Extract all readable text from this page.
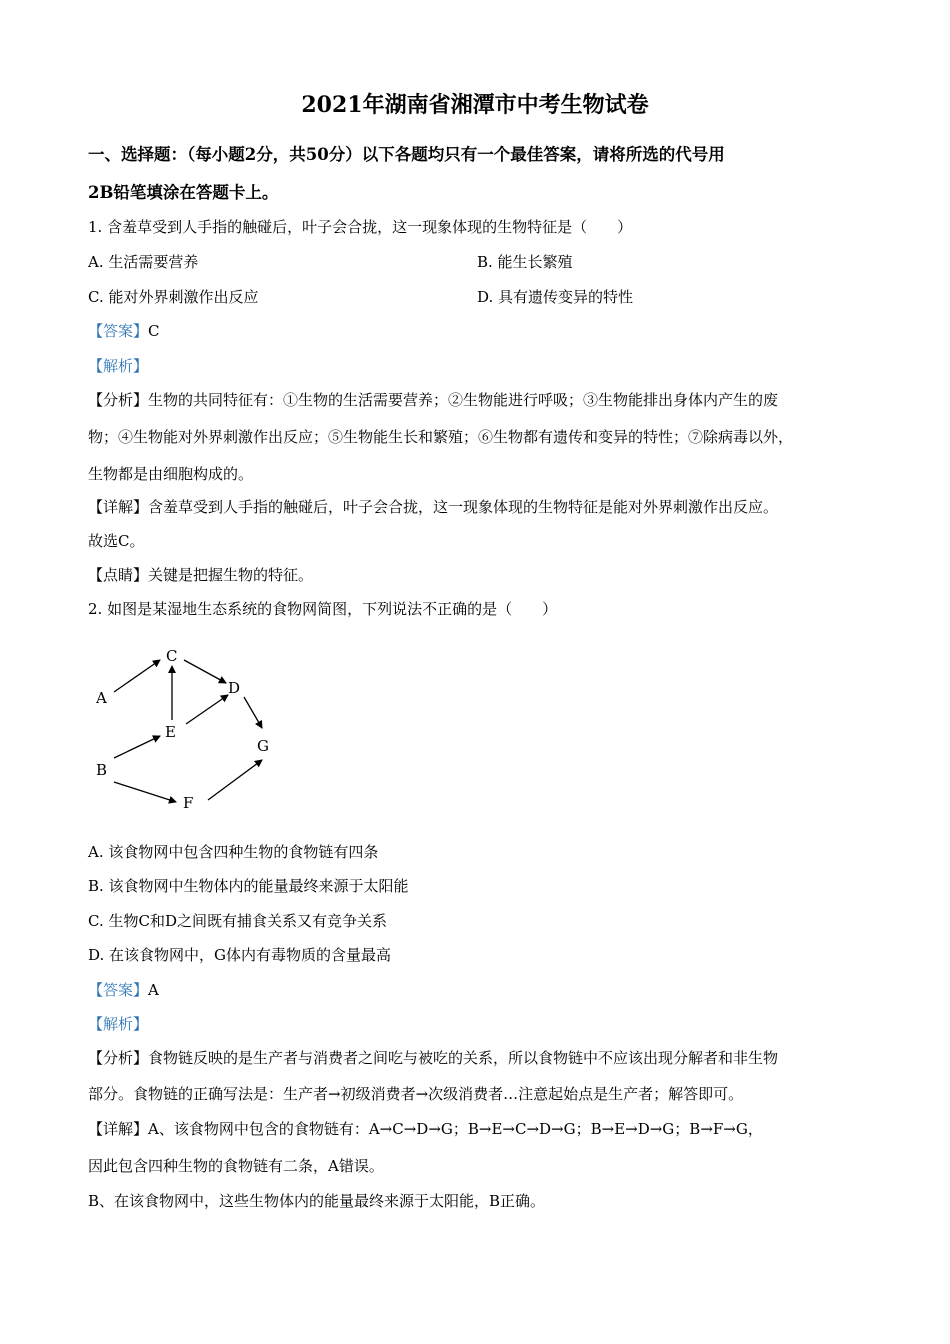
2021年湖南省湘潭市中考生物试卷
一、选择题：（每小题2分，共50分）以下各题均只有一个最佳答案，请将所选的代号用
2B铅笔填涂在答题卡上。
1. 含羞草受到人手指的触碰后，叶子会合拢，这一现象体现的生物特征是（　　）
A. 生活需要营养	B. 能生长繁殖
C. 能对外界刺激作出反应	D. 具有遗传变异的特性
【答案】C
【解析】
【分析】生物的共同特征有：①生物的生活需要营养；②生物能进行呼吸；③生物能排出身体内产生的废
物；④生物能对外界刺激作出反应；⑤生物能生长和繁殖；⑥生物都有遗传和变异的特性；⑦除病毒以外，
生物都是由细胞构成的。
【详解】含羞草受到人手指的触碰后，叶子会合拢，这一现象体现的生物特征是能对外界刺激作出反应。
故选C。
【点睛】关键是把握生物的特征。
2. 如图是某湿地生态系统的食物网简图，下列说法不正确的是（　　）
A
B
C
D
E
F
G
A. 该食物网中包含四种生物的食物链有四条
B. 该食物网中生物体内的能量最终来源于太阳能
C. 生物C和D之间既有捕食关系又有竞争关系
D. 在该食物网中，G体内有毒物质的含量最高
【答案】A
【解析】
【分析】食物链反映的是生产者与消费者之间吃与被吃的关系，所以食物链中不应该出现分解者和非生物
部分。食物链的正确写法是：生产者→初级消费者→次级消费者…注意起始点是生产者；解答即可。
【详解】A、该食物网中包含的食物链有：A→C→D→G；B→E→C→D→G；B→E→D→G；B→F→G，
因此包含四种生物的食物链有二条，A错误。
B、在该食物网中，这些生物体内的能量最终来源于太阳能，B正确。
